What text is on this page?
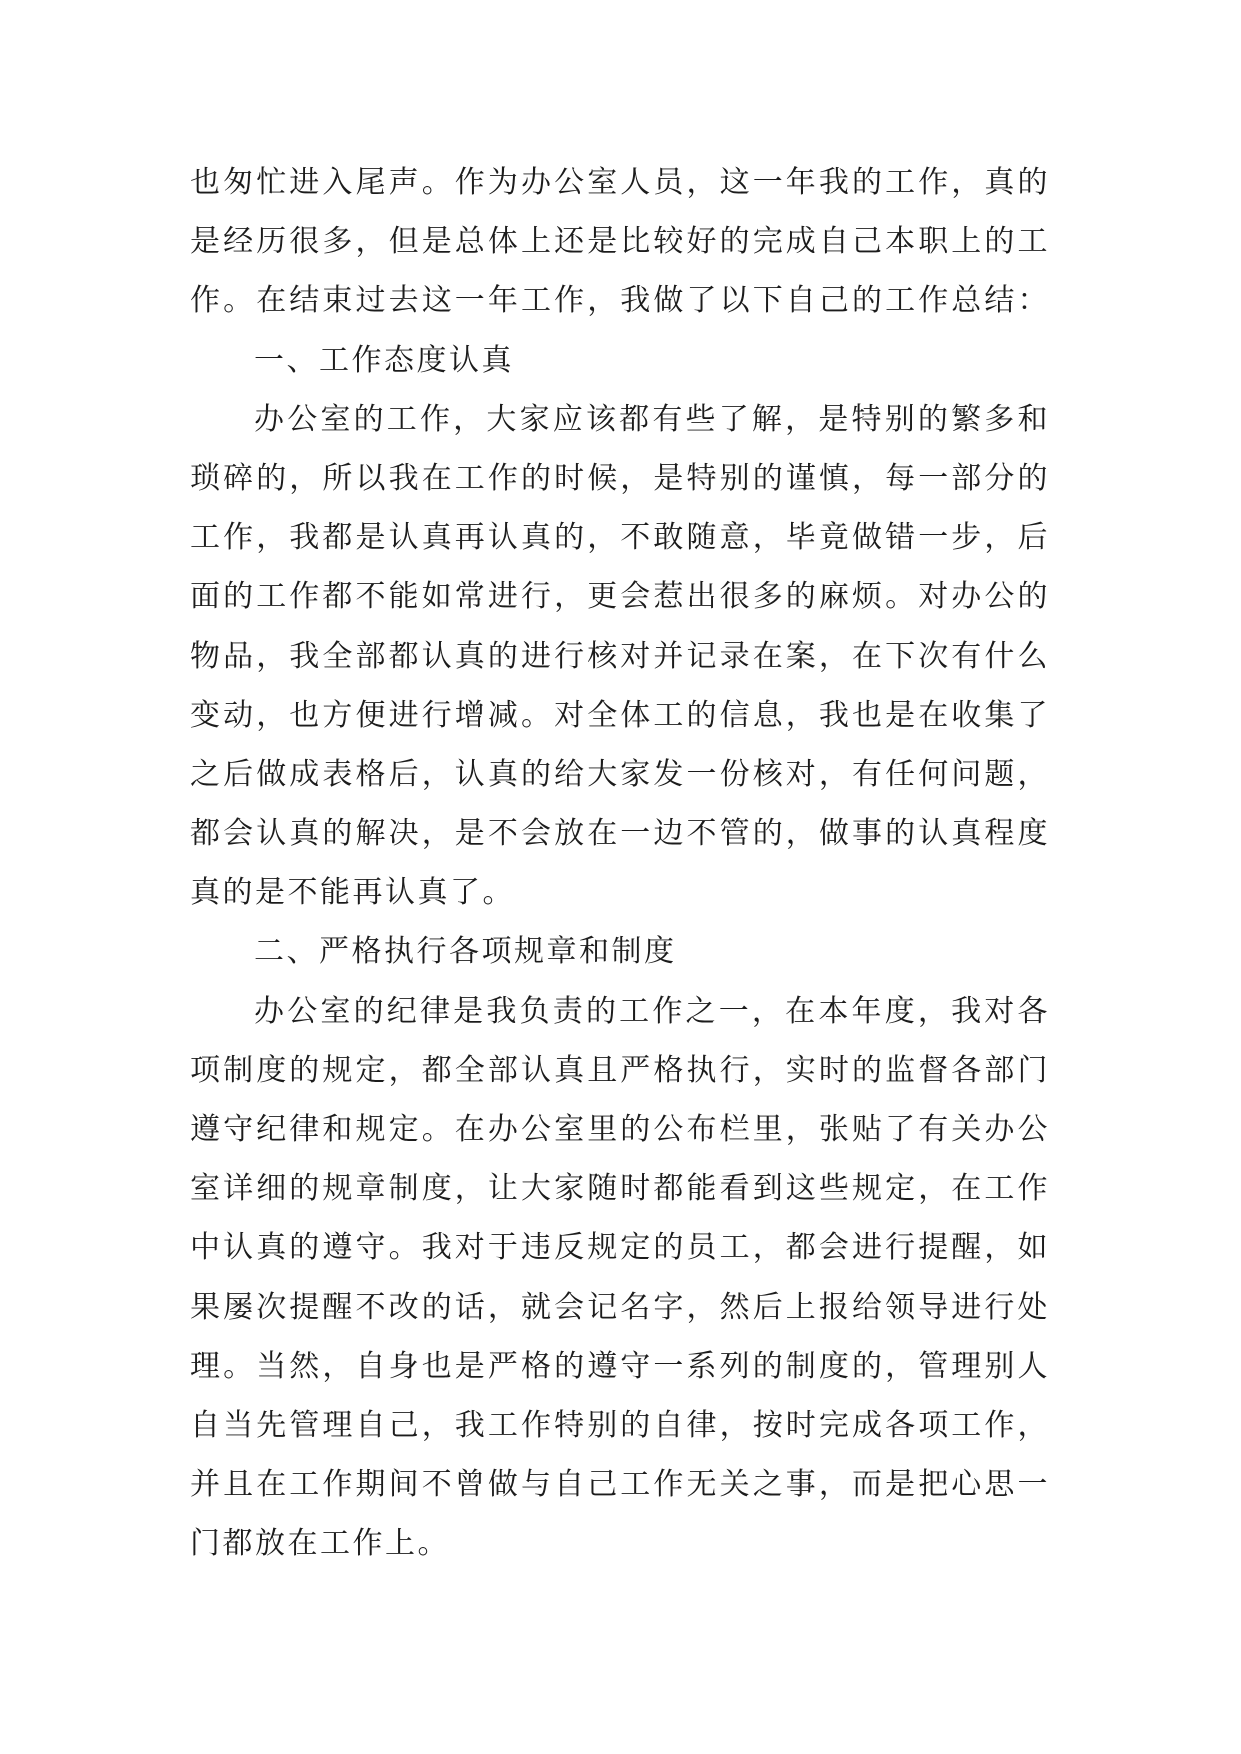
也匆忙进入尾声。作为办公室人员，这一年我的工作，真的
是经历很多，但是总体上还是比较好的完成自己本职上的工
作。在结束过去这一年工作，我做了以下自己的工作总结：
一、工作态度认真
办公室的工作，大家应该都有些了解，是特别的繁多和
琐碎的，所以我在工作的时候，是特别的谨慎，每一部分的
工作，我都是认真再认真的，不敢随意，毕竟做错一步，后
面的工作都不能如常进行，更会惹出很多的麻烦。对办公的
物品，我全部都认真的进行核对并记录在案，在下次有什么
变动，也方便进行增减。对全体工的信息，我也是在收集了
之后做成表格后，认真的给大家发一份核对，有任何问题，
都会认真的解决，是不会放在一边不管的，做事的认真程度
真的是不能再认真了。
二、严格执行各项规章和制度
办公室的纪律是我负责的工作之一，在本年度，我对各
项制度的规定，都全部认真且严格执行，实时的监督各部门
遵守纪律和规定。在办公室里的公布栏里，张贴了有关办公
室详细的规章制度，让大家随时都能看到这些规定，在工作
中认真的遵守。我对于违反规定的员工，都会进行提醒，如
果屡次提醒不改的话，就会记名字，然后上报给领导进行处
理。当然，自身也是严格的遵守一系列的制度的，管理别人
自当先管理自己，我工作特别的自律，按时完成各项工作，
并且在工作期间不曾做与自己工作无关之事，而是把心思一
门都放在工作上。
